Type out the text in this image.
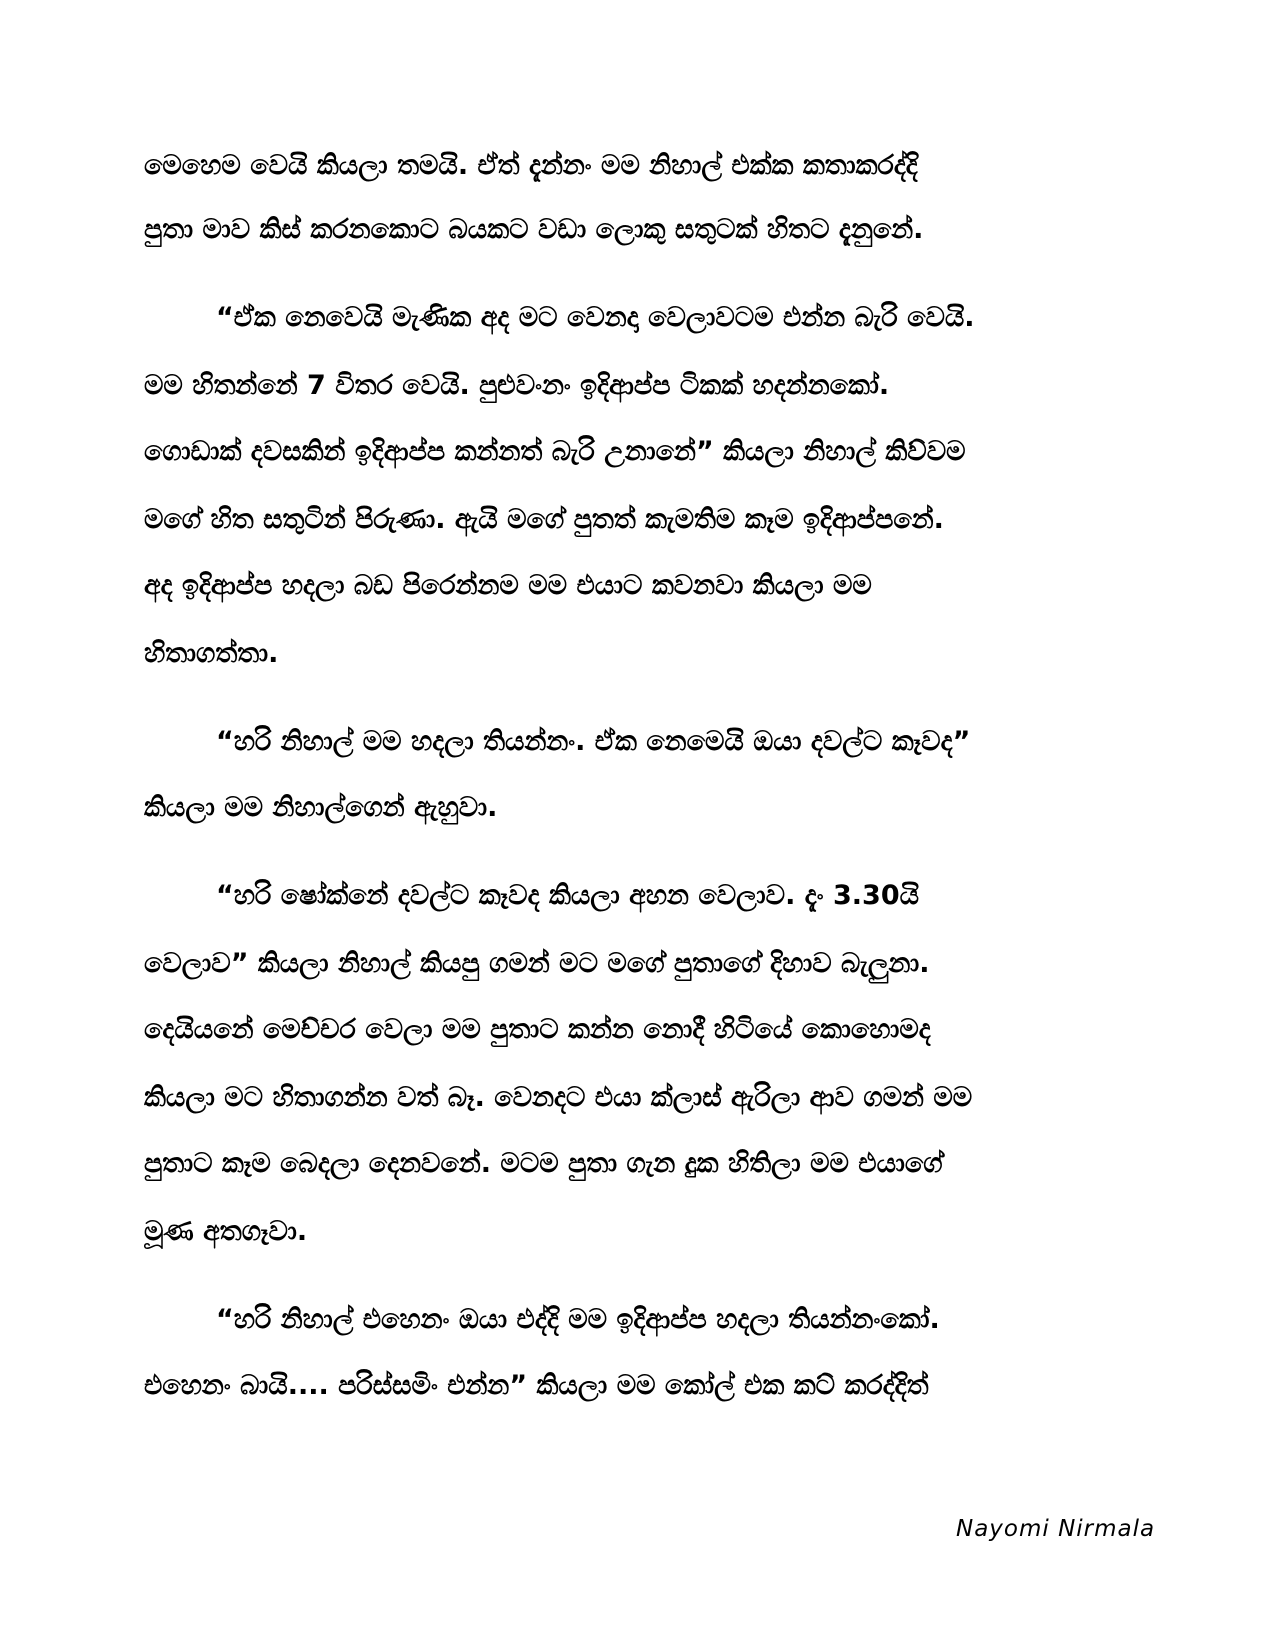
මෙහෙම වෙයි කියලා තමයි. ඒත් දැන්නං මම නිහාල් එක්ක කතාකරද්දි
පුතා මාව කිස් කරනකොට බයකට වඩා ලොකු සතුටක් හිතට දැනුනේ.
“ඒක නෙවෙයි මැණික අද මට වෙනදා වෙලාවටම එන්න බැරි වෙයි.
මම හිතන්නේ 7 විතර වෙයි. පුළුවංනං ඉදිආප්ප ටිකක් හදන්නකෝ.
ගොඩාක් දවසකින් ඉදිආප්ප කන්නත් බැරි උනානේ” කියලා නිහාල් කිව්වම
මගේ හිත සතුටින් පිරුණා. ඇයි මගේ පුතත් කැමතිම කෑම ඉදිආප්පනේ.
අද ඉදිආප්ප හදලා බඩ පිරෙන්නම මම එයාට කවනවා කියලා මම
හිතාගත්තා.
“හරි නිහාල් මම හදලා තියන්නං. ඒක නෙමෙයි ඔයා දවල්ට කෑවද”
කියලා මම නිහාල්ගෙන් ඇහුවා.
“හරි ෂෝක්නේ දවල්ට කෑවද කියලා අහන වෙලාව. දැං 3.30යි
වෙලාව” කියලා නිහාල් කියපු ගමන් මට මගේ පුතාගේ දිහාව බැලුනා.
දෙයියනේ මෙච්චර වෙලා මම පුතාට කන්න නොදී හිටියේ කොහොමද
කියලා මට හිතාගන්න වත් බෑ. වෙනදට එයා ක්ලාස් ඇරිලා ආව ගමන් මම
පුතාට කෑම බෙදලා දෙනවනේ. මටම පුතා ගැන දුක හිතිලා මම එයාගේ
මූණ අතගෑවා.
“හරි නිහාල් එහෙනං ඔයා එද්දි මම ඉදිආප්ප හදලා තියන්නංකෝ.
එහෙනං බායි.... පරිස්සමිං එන්න” කියලා මම කෝල් එක කට් කරද්දිත්
Nayomi Nirmala
